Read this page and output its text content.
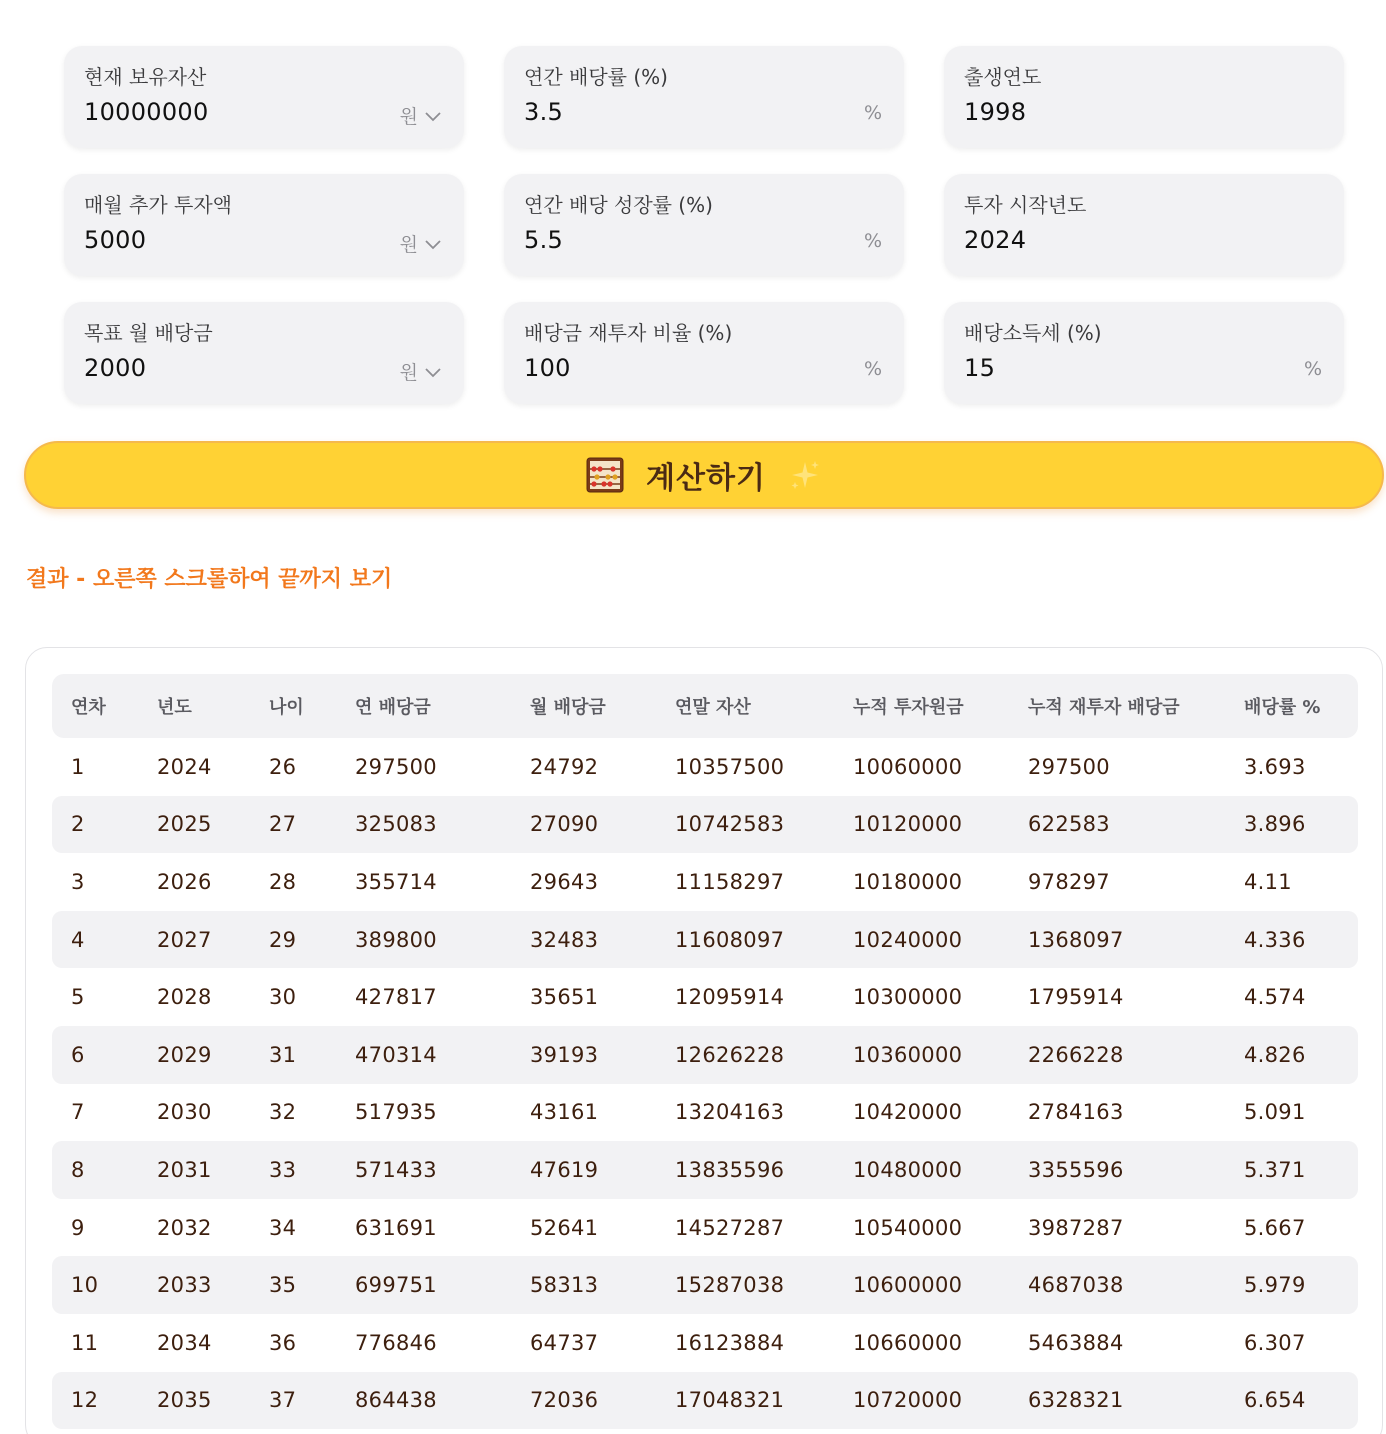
현재 보유자산
10000000	원
연간 배당률 (%)
3.5	%
출생연도
1998
매월 추가 투자액
5000	원
연간 배당 성장률 (%)
5.5	%
투자 시작년도
2024
목표 월 배당금
2000	원
배당금 재투자 비율 (%)
100	%
배당소득세 (%)
15	%
계산하기
결과 - 오른쪽 스크롤하여 끝까지 보기
연차	년도	나이	연 배당금	월 배당금	연말 자산	누적 투자원금	누적 재투자 배당금	배당률 %
1	2024	26	297500	24792	10357500	10060000	297500	3.693
2	2025	27	325083	27090	10742583	10120000	622583	3.896
3	2026	28	355714	29643	11158297	10180000	978297	4.11
4	2027	29	389800	32483	11608097	10240000	1368097	4.336
5	2028	30	427817	35651	12095914	10300000	1795914	4.574
6	2029	31	470314	39193	12626228	10360000	2266228	4.826
7	2030	32	517935	43161	13204163	10420000	2784163	5.091
8	2031	33	571433	47619	13835596	10480000	3355596	5.371
9	2032	34	631691	52641	14527287	10540000	3987287	5.667
10	2033	35	699751	58313	15287038	10600000	4687038	5.979
11	2034	36	776846	64737	16123884	10660000	5463884	6.307
12	2035	37	864438	72036	17048321	10720000	6328321	6.654
